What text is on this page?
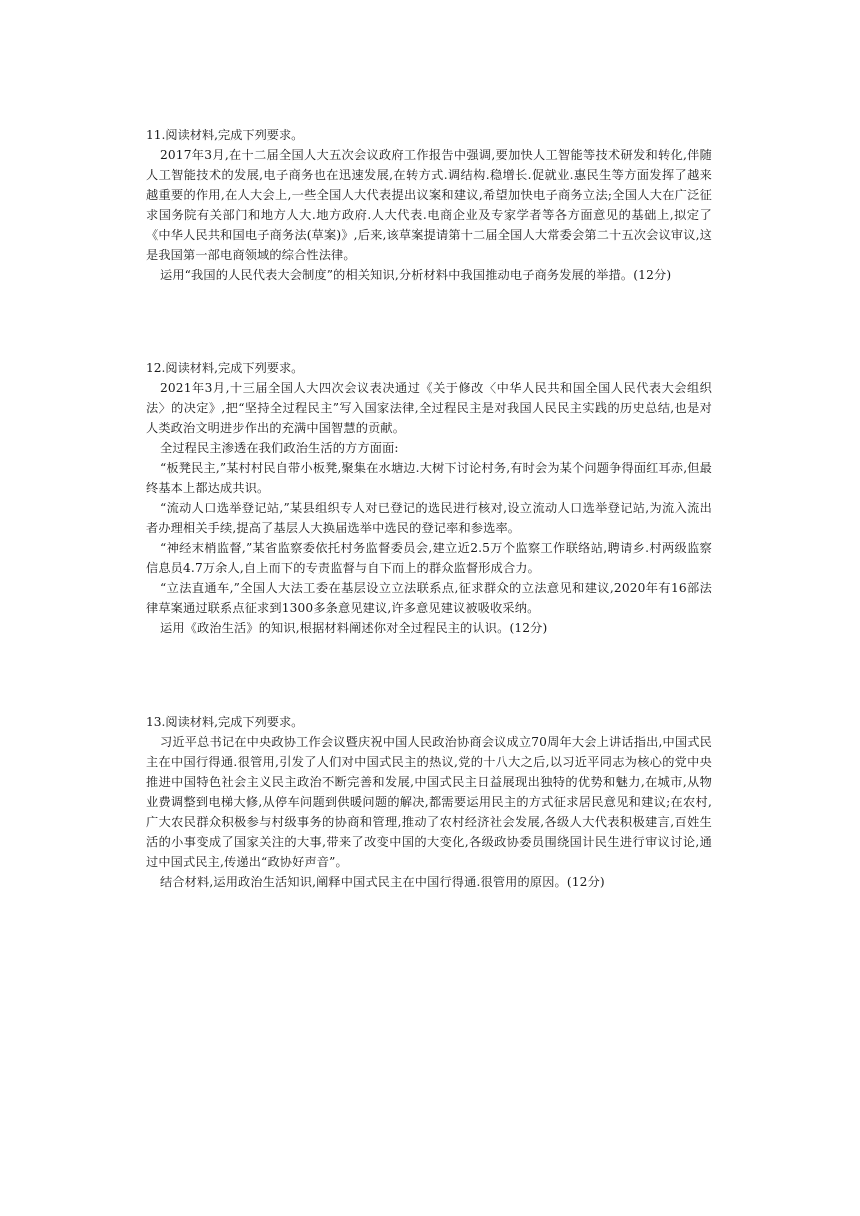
11.阅读材料,完成下列要求。

2017年3月,在十二届全国人大五次会议政府工作报告中强调,要加快人工智能等技术研发和转化,伴随人工智能技术的发展,电子商务也在迅速发展,在转方式.调结构.稳增长.促就业.惠民生等方面发挥了越来越重要的作用,在人大会上,一些全国人大代表提出议案和建议,希望加快电子商务立法;全国人大在广泛征求国务院有关部门和地方人大.地方政府.人大代表.电商企业及专家学者等各方面意见的基础上,拟定了《中华人民共和国电子商务法(草案)》,后来,该草案提请第十二届全国人大常委会第二十五次会议审议,这是我国第一部电商领域的综合性法律。

运用“我国的人民代表大会制度”的相关知识,分析材料中我国推动电子商务发展的举措。(12分)

12.阅读材料,完成下列要求。

2021年3月,十三届全国人大四次会议表决通过《关于修改〈中华人民共和国全国人民代表大会组织法〉的决定》,把“坚持全过程民主”写入国家法律,全过程民主是对我国人民民主实践的历史总结,也是对人类政治文明进步作出的充满中国智慧的贡献。

全过程民主渗透在我们政治生活的方方面面:

“板凳民主,”某村村民自带小板凳,聚集在水塘边.大树下讨论村务,有时会为某个问题争得面红耳赤,但最终基本上都达成共识。

“流动人口选举登记站,”某县组织专人对已登记的选民进行核对,设立流动人口选举登记站,为流入流出者办理相关手续,提高了基层人大换届选举中选民的登记率和参选率。

“神经末梢监督,”某省监察委依托村务监督委员会,建立近2.5万个监察工作联络站,聘请乡.村两级监察信息员4.7万余人,自上而下的专责监督与自下而上的群众监督形成合力。

“立法直通车,”全国人大法工委在基层设立立法联系点,征求群众的立法意见和建议,2020年有16部法律草案通过联系点征求到1300多条意见建议,许多意见建议被吸收采纳。

运用《政治生活》的知识,根据材料阐述你对全过程民主的认识。(12分)

13.阅读材料,完成下列要求。

习近平总书记在中央政协工作会议暨庆祝中国人民政治协商会议成立70周年大会上讲话指出,中国式民主在中国行得通.很管用,引发了人们对中国式民主的热议,党的十八大之后,以习近平同志为核心的党中央推进中国特色社会主义民主政治不断完善和发展,中国式民主日益展现出独特的优势和魅力,在城市,从物业费调整到电梯大修,从停车问题到供暖问题的解决,都需要运用民主的方式征求居民意见和建议;在农村,广大农民群众积极参与村级事务的协商和管理,推动了农村经济社会发展,各级人大代表积极建言,百姓生活的小事变成了国家关注的大事,带来了改变中国的大变化,各级政协委员围绕国计民生进行审议讨论,通过中国式民主,传递出“政协好声音”。

结合材料,运用政治生活知识,阐释中国式民主在中国行得通.很管用的原因。(12分)
